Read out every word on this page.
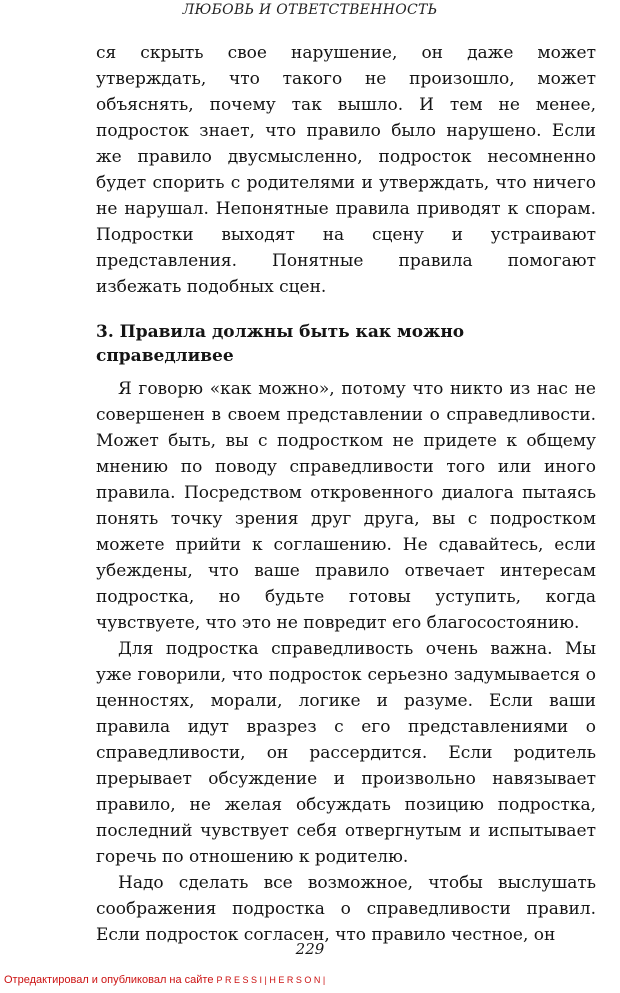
ЛЮБОВЬ И ОТВЕТСТВЕННОСТЬ

ся скрыть свое нарушение, он даже может утверждать, что такого не произошло, может объяснять, почему так вышло. И тем не менее, подросток знает, что правило было нарушено. Если же правило двусмысленно, подросток несомненно будет спорить с родителями и утверждать, что ничего не нарушал. Непонятные правила приводят к спорам. Подростки выходят на сцену и устраивают представления. Понятные правила помогают избежать подобных сцен.

3. Правила должны быть как можно справедливее

Я говорю «как можно», потому что никто из нас не совершенен в своем представлении о справедливости. Может быть, вы с подростком не придете к общему мнению по поводу справедливости того или иного правила. Посредством откровенного диалога пытаясь понять точку зрения друг друга, вы с подростком можете прийти к соглашению. Не сдавайтесь, если убеждены, что ваше правило отвечает интересам подростка, но будьте готовы уступить, когда чувствуете, что это не повредит его благосостоянию.

Для подростка справедливость очень важна. Мы уже говорили, что подросток серьезно задумывается о ценностях, морали, логике и разуме. Если ваши правила идут вразрез с его представлениями о справедливости, он рассердится. Если родитель прерывает обсуждение и произвольно навязывает правило, не желая обсуждать позицию подростка, последний чувствует себя отвергнутым и испытывает горечь по отношению к родителю.

Надо сделать все возможное, чтобы выслушать соображения подростка о справедливости правил. Если подросток согласен, что правило честное, он

229
Отредактировал и опубликовал на сайте PRESSI|HERSON|
